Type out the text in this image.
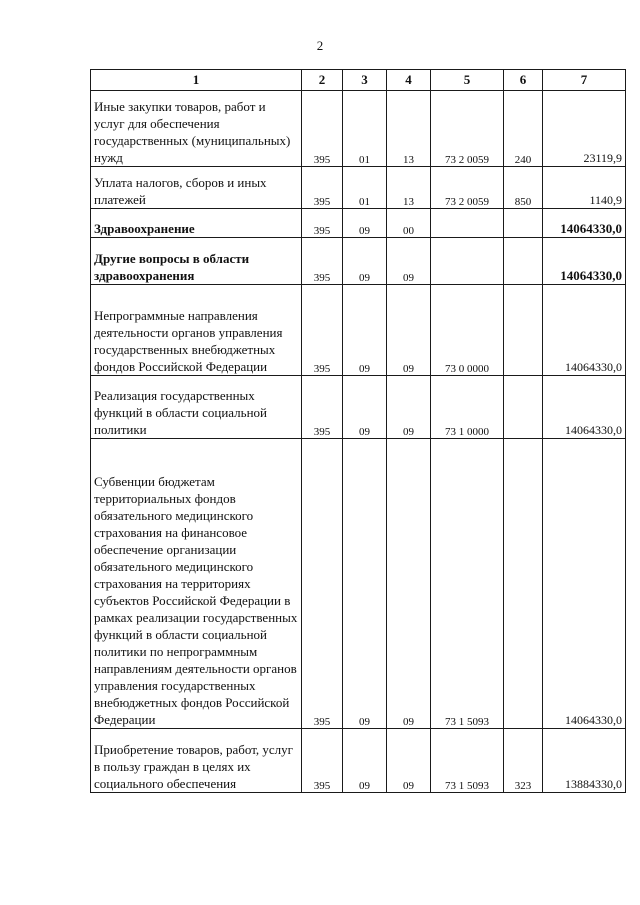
2
1	2	3	4	5	6	7
Иные закупки товаров, работ и услуг для обеспечения государственных (муниципальных) нужд	395	01	13	73 2 0059	240	23119,9
Уплата налогов, сборов и иных платежей	395	01	13	73 2 0059	850	1140,9
Здравоохранение	395	09	00			14064330,0
Другие вопросы в области здравоохранения	395	09	09			14064330,0
Непрограммные направления деятельности органов управления государственных внебюджетных фондов Российской Федерации	395	09	09	73 0 0000		14064330,0
Реализация государственных функций в области социальной политики	395	09	09	73 1 0000		14064330,0
Субвенции бюджетам территориальных фондов обязательного медицинского страхования на финансовое обеспечение организации обязательного медицинского страхования на территориях субъектов Российской Федерации в рамках реализации государственных функций в области социальной политики по непрограммным направлениям деятельности органов управления государственных внебюджетных фондов Российской Федерации	395	09	09	73 1 5093		14064330,0
Приобретение товаров, работ, услуг в пользу граждан в целях их социального обеспечения	395	09	09	73 1 5093	323	13884330,0
